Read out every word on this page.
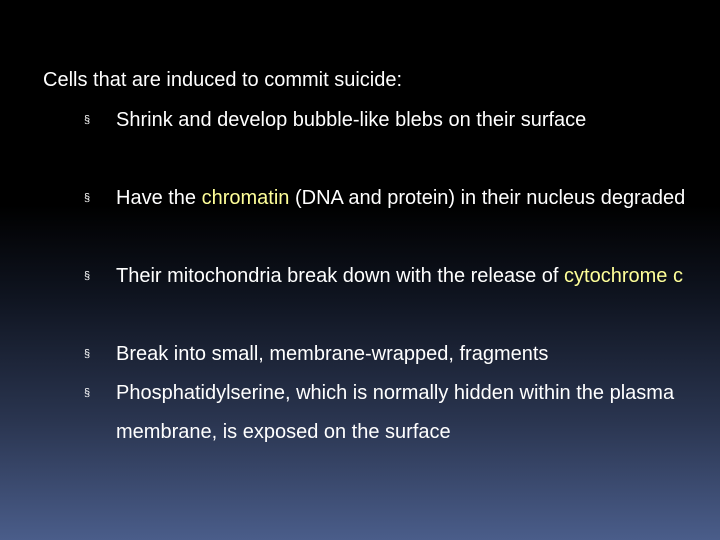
Cells that are induced to commit suicide:
§ Shrink and develop bubble-like blebs on their surface
§ Have the chromatin (DNA and protein) in their nucleus degraded
§ Their mitochondria break down with the release of cytochrome c
§ Break into small, membrane-wrapped, fragments
§ Phosphatidylserine, which is normally hidden within the plasma membrane, is exposed on the surface
